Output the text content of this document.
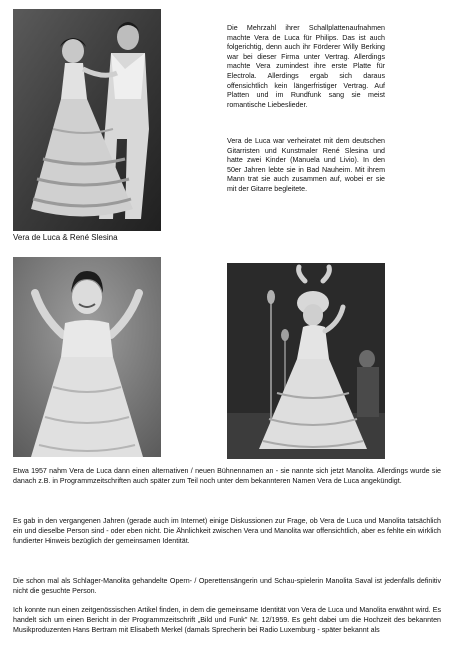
Vera de Luca & René Slesina

Die Mehrzahl ihrer Schallplattenaufnahmen machte Vera de Luca für Philips. Das ist auch folgerichtig, denn auch ihr Förderer Willy Berking war bei dieser Firma unter Vertrag. Allerdings machte Vera zumindest ihre erste Platte für Electrola. Allerdings ergab sich daraus offensichtlich kein längerfristiger Vertrag. Auf Platten und im Rundfunk sang sie meist romantische Liebeslieder.

Vera de Luca war verheiratet mit dem deutschen Gitarristen und Kunstmaler René Slesina und hatte zwei Kinder (Manuela und Livio). In den 50er Jahren lebte sie in Bad Nauheim. Mit ihrem Mann trat sie auch zusammen auf, wobei er sie mit der Gitarre begleitete.

Etwa 1957 nahm Vera de Luca dann einen alternativen / neuen Bühnennamen an - sie nannte sich jetzt Manolita. Allerdings wurde sie danach z.B. in Programmzeitschriften auch später zum Teil noch unter dem bekannteren Namen Vera de Luca angekündigt.

Es gab in den vergangenen Jahren (gerade auch im Internet) einige Diskussionen zur Frage, ob Vera de Luca und Manolita tatsächlich ein und dieselbe Person sind - oder eben nicht. Die Ähnlichkeit zwischen Vera und Manolita war offensichtlich, aber es fehlte ein wirklich fundierter Hinweis bezüglich der gemeinsamen Identität.

Die schon mal als Schlager-Manolita gehandelte Opern- / Operettensängerin und Schau-spielerin Manolita Saval ist jedenfalls definitiv nicht die gesuchte Person.

Ich konnte nun einen zeitgenössischen Artikel finden, in dem die gemeinsame Identität von Vera de Luca und Manolita erwähnt wird. Es handelt sich um einen Bericht in der Programmzeitschrift „Bild und Funk" Nr. 12/1959. Es geht dabei um die Hochzeit des bekannten Musikproduzenten Hans Bertram mit Elisabeth Merkel (damals Sprecherin bei Radio Luxemburg - später bekannt als
